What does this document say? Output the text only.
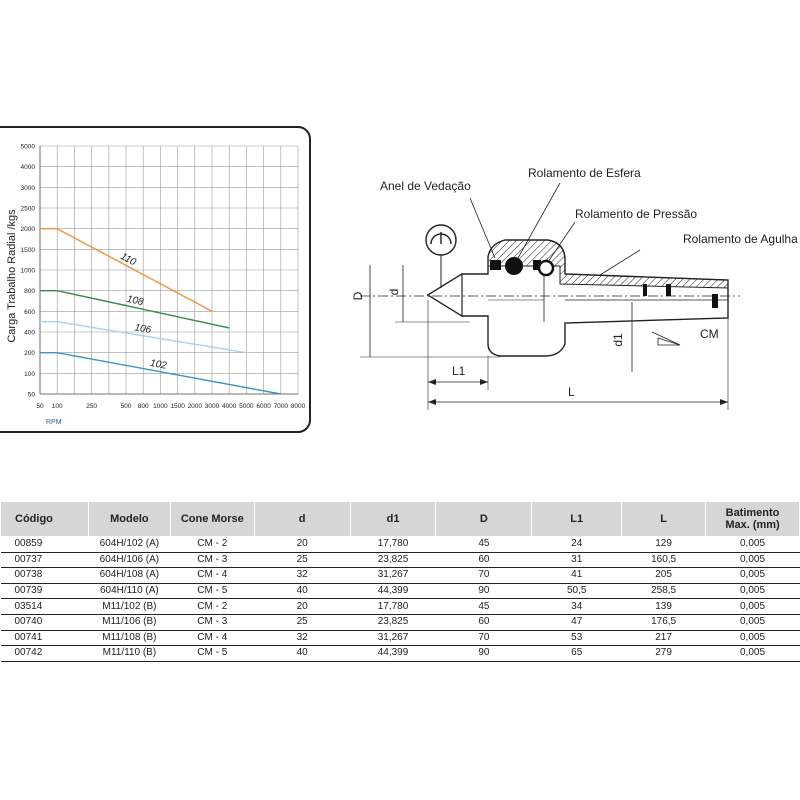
5000
4000
3000
2500
2000
1500
1000
800
600
400
200
100
50
50 100	250	500 800 1000 1500 2000 3000 4000 5000 6000 7000 8000
110
108
106
102
Carga Trabalho Radial /kgs
RPM
Anel de Vedação
Rolamento de Esfera
Rolamento de Pressão
Rolamento de Agulha
D d
d1	CM
L1
L
Código	Modelo	Cone Morse	d	d1	D	L1	L	Batimento
Max. (mm)

00859	604H/102 (A)	CM - 2	20	17,780	45	24	129	0,005
00737	604H/106 (A)	CM - 3	25	23,825	60	31	160,5	0,005
00738	604H/108 (A)	CM - 4	32	31,267	70	41	205	0,005
00739	604H/110 (A)	CM - 5	40	44,399	90	50,5	258,5	0,005
03514	M11/102 (B)	CM - 2	20	17,780	45	34	139	0,005
00740	M11/106 (B)	CM - 3	25	23,825	60	47	176,5	0,005
00741	M11/108 (B)	CM - 4	32	31,267	70	53	217	0,005
00742	M11/110 (B)	CM - 5	40	44,399	90	65	279	0,005
